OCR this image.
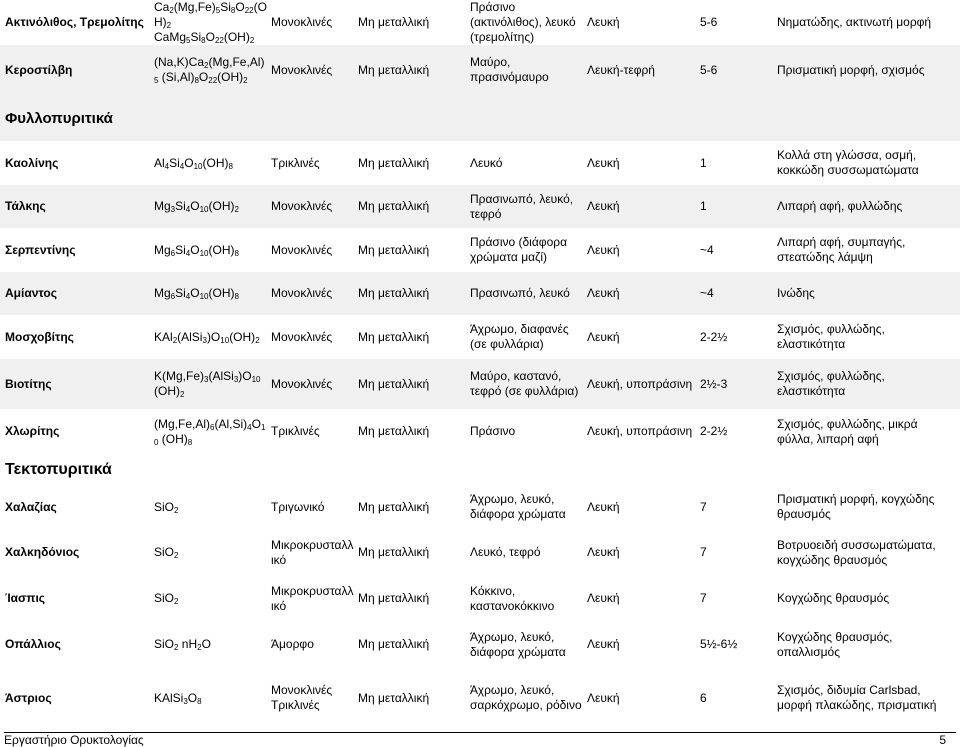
Ακτινόλιθος, Τρεμολίτης	$Ca_2(Mg,Fe)_5Si_8O_{22}(OH)_2$ $CaMg_5Si_8O_{22}(OH)_2$	Μονοκλινές	Μη μεταλλική	Πράσινο (ακτινόλιθος), λευκό (τρεμολίτης)	Λευκή	5-6	Νηματώδης, ακτινωτή μορφή
Κεροστίλβη	$(Na,K)Ca_2(Mg,Fe,Al)_5$ $(Si,Al)_8O_{22}(OH)_2$	Μονοκλινές	Μη μεταλλική	Μαύρο, πρασινόμαυρο	Λευκή-τεφρή	5-6	Πρισματική μορφή, σχισμός
Φυλλοπυριτικά							
Καολίνης	$Al_4Si_4O_{10}(OH)_8$	Τρικλινές	Μη μεταλλική	Λευκό	Λευκή	1	Κολλά στη γλώσσα, οσμή, κοκκώδη συσσωματώματα
Τάλκης	$Mg_3Si_4O_{10}(OH)_2$	Μονοκλινές	Μη μεταλλική	Πρασινωπό, λευκό, τεφρό	Λευκή	1	Λιπαρή αφή, φυλλώδης
Σερπεντίνης	$Mg_6Si_4O_{10}(OH)_8$	Μονοκλινές	Μη μεταλλική	Πράσινο (διάφορα χρώματα μαζί)	Λευκή	~4	Λιπαρή αφή, συμπαγής, στεατώδης λάμψη
Αμίαντος	$Mg_6Si_4O_{10}(OH)_8$	Μονοκλινές	Μη μεταλλική	Πρασινωπό, λευκό	Λευκή	~4	Ινώδης
Μοσχοβίτης	$KAl_2(AlSi_3)O_{10}(OH)_2$	Μονοκλινές	Μη μεταλλική	Άχρωμο, διαφανές (σε φυλλάρια)	Λευκή	2-2½	Σχισμός, φυλλώδης, ελαστικότητα
Βιοτίτης	$K(Mg,Fe)_3(AlSi_3)O_{10}$ $(OH)_2$	Μονοκλινές	Μη μεταλλική	Μαύρο, καστανό, τεφρό (σε φυλλάρια)	Λευκή, υποπράσινη	2½-3	Σχισμός, φυλλώδης, ελαστικότητα
Χλωρίτης	$(Mg,Fe,Al)_6(Al,Si)_4O_{10}$ $(OH)_8$	Τρικλινές	Μη μεταλλική	Πράσινο	Λευκή, υποπράσινη	2-2½	Σχισμός, φυλλώδης, μικρά φύλλα, λιπαρή αφή
Τεκτοπυριτικά							
Χαλαζίας	SiO$_2$	Τριγωνικό	Μη μεταλλική	Άχρωμο, λευκό, διάφορα χρώματα	Λευκή	7	Πρισματική μορφή, κογχώδης θραυσμός
Χαλκηδόνιος	SiO$_2$	Μικροκρυσταλλικό	Μη μεταλλική	Λευκό, τεφρό	Λευκή	7	Βοτρυοειδή συσσωματώματα, κογχώδης θραυσμός
Ίασπις	SiO$_2$	Μικροκρυσταλλικό	Μη μεταλλική	Κόκκινο, καστανοκόκκινο	Λευκή	7	Κογχώδης θραυσμός
Οπάλλιος	SiO$_2$ $nH_2O$	Άμορφο	Μη μεταλλική	Άχρωμο, λευκό, διάφορα χρώματα	Λευκή	5½-6½	Κογχώδης θραυσμός, οπαλλισμός
Άστριος	$KAlSi_3O_8$	Μονοκλινές Τρικλινές	Μη μεταλλική	Άχρωμο, λευκό, σαρκόχρωμο, ρόδινο	Λευκή	6	Σχισμός, διδυμία Carlsbad, μορφή πλακώδης, πρισματική
Εργαστήριο Ορυκτολογίας	5
